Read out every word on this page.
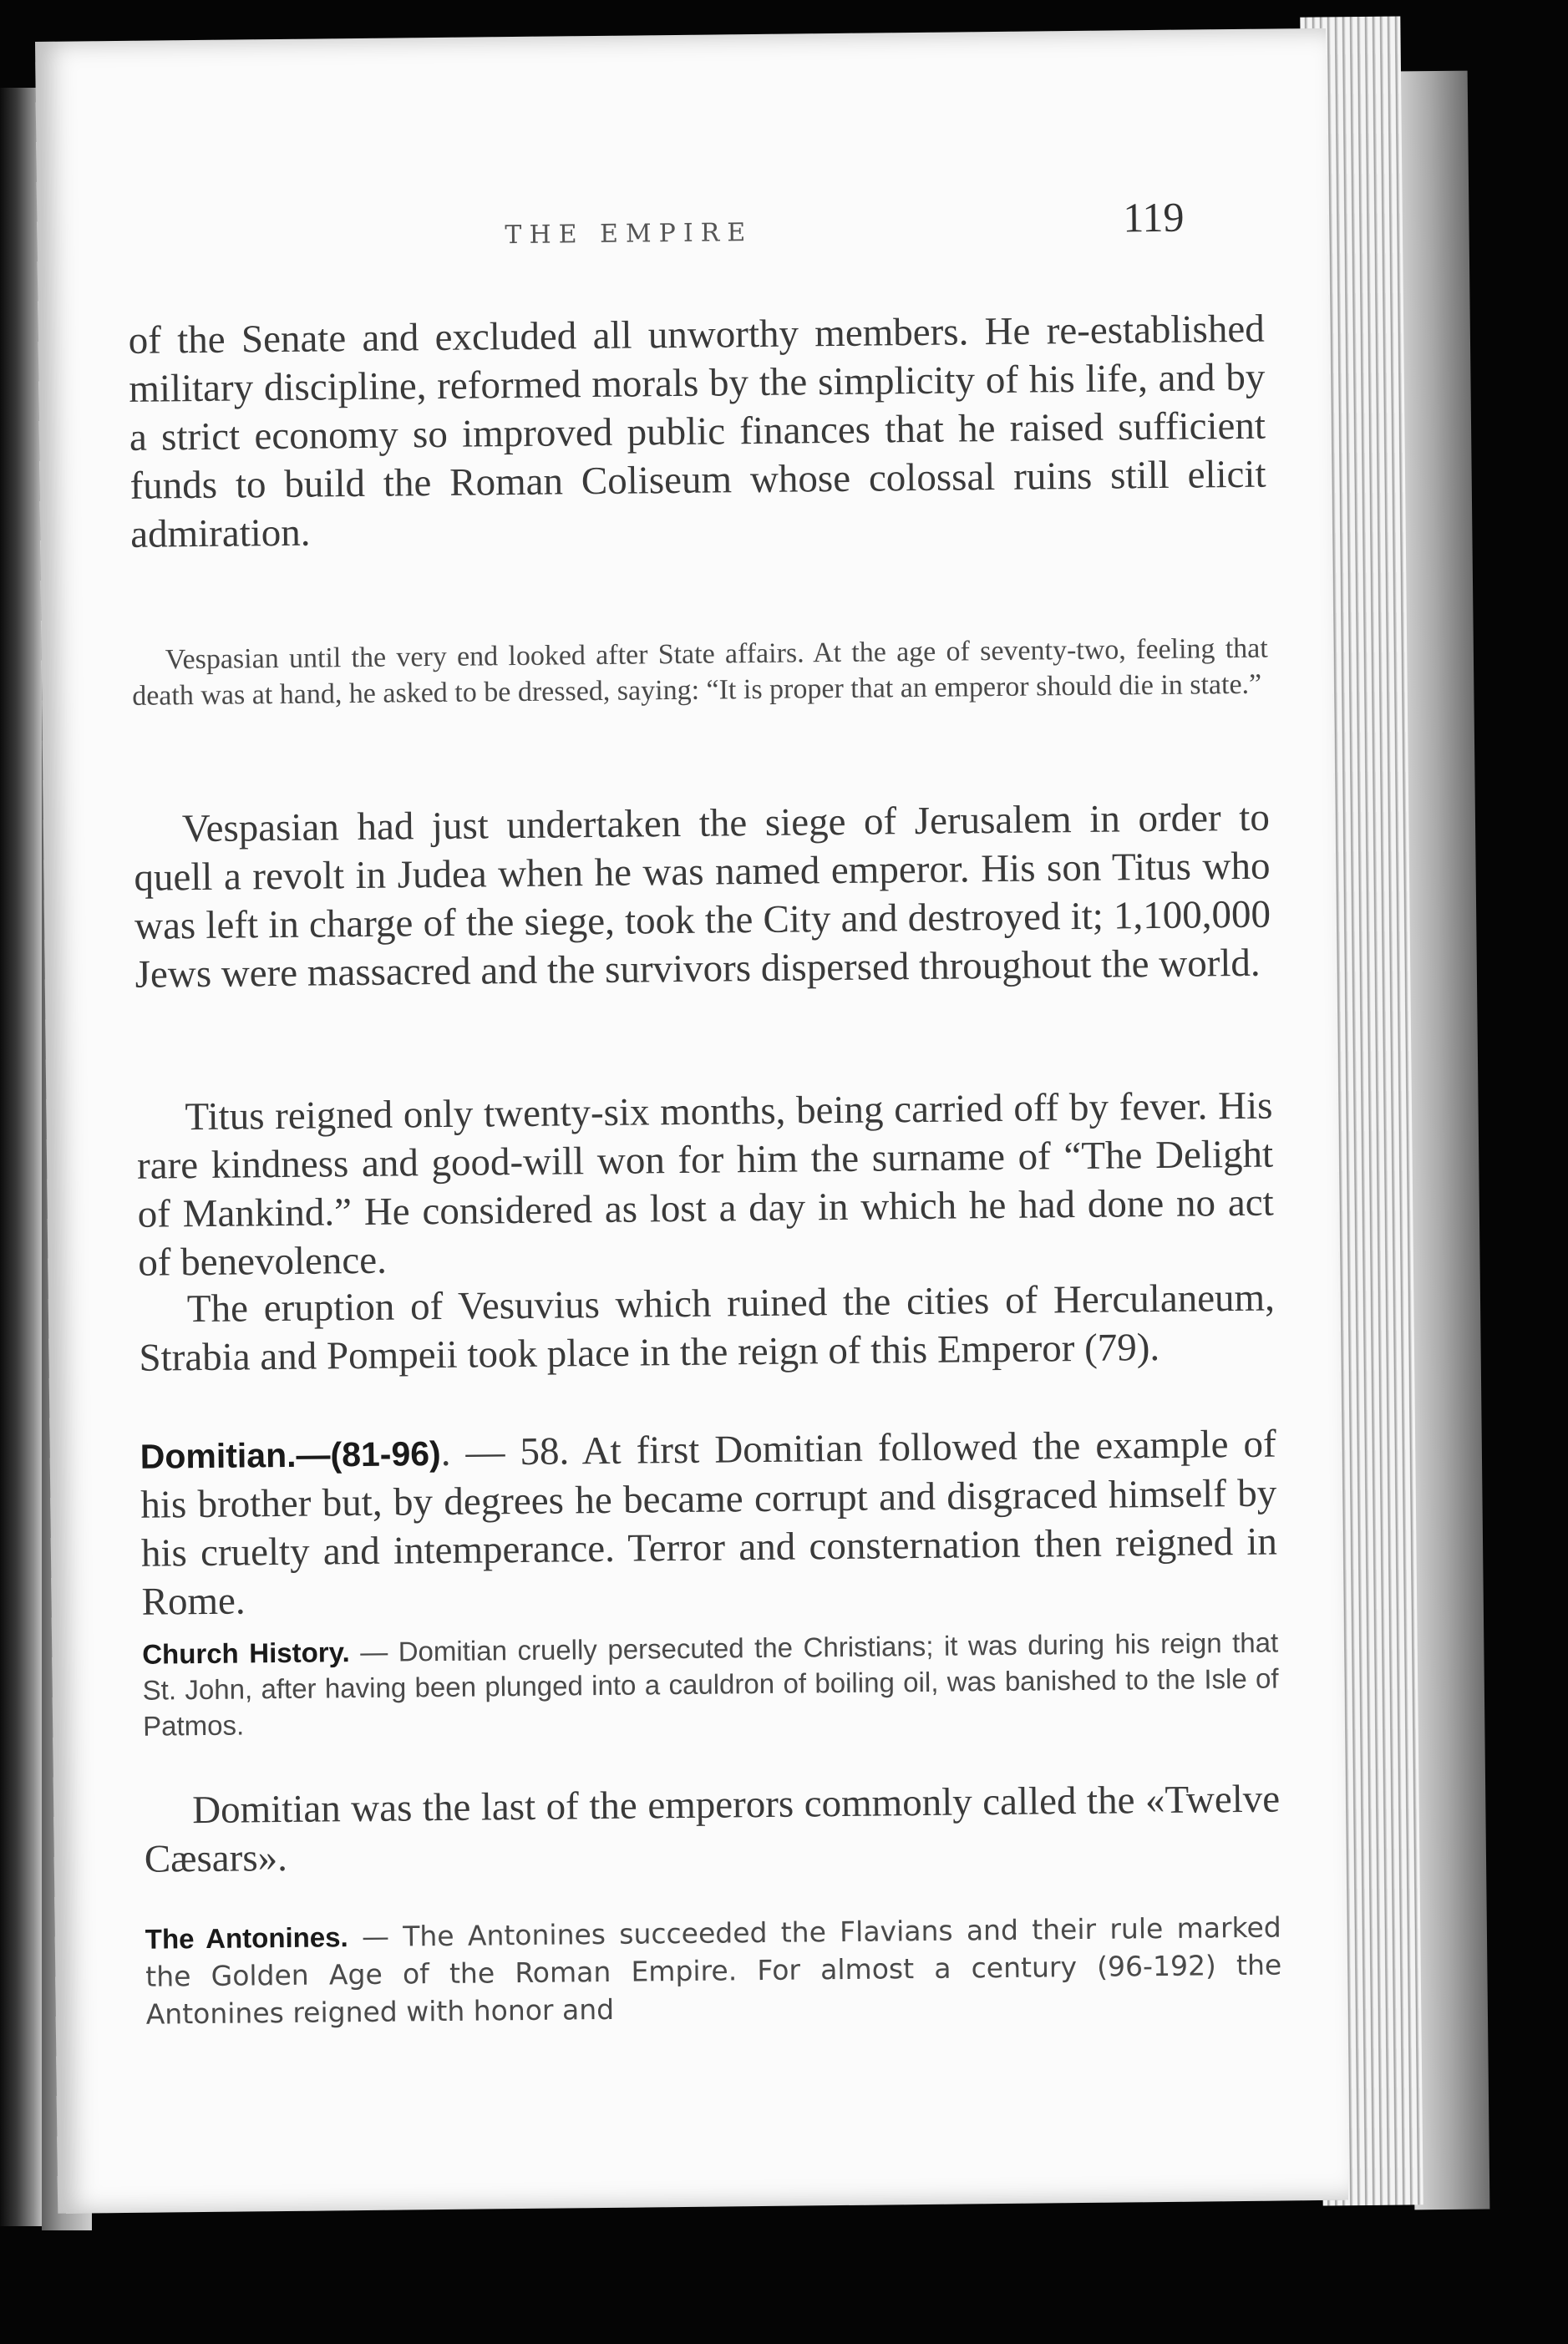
THE EMPIRE	119

of the Senate and excluded all unworthy members. He re-established military discipline, reformed morals by the simplicity of his life, and by a strict economy so improved public finances that he raised sufficient funds to build the Roman Coliseum whose colossal ruins still elicit admiration.

Vespasian until the very end looked after State affairs. At the age of seventy-two, feeling that death was at hand, he asked to be dressed, saying: “It is proper that an emperor should die in state.”

Vespasian had just undertaken the siege of Jerusalem in order to quell a revolt in Judea when he was named emperor. His son Titus who was left in charge of the siege, took the City and destroyed it; 1,100,000 Jews were massacred and the survivors dispersed throughout the world.

Titus reigned only twenty-six months, being carried off by fever. His rare kindness and good-will won for him the surname of “The Delight of Mankind.” He considered as lost a day in which he had done no act of benevolence.

The eruption of Vesuvius which ruined the cities of Herculaneum, Strabia and Pompeii took place in the reign of this Emperor (79).

Domitian.—(81-96). — 58. At first Domitian followed the example of his brother but, by degrees he became corrupt and disgraced himself by his cruelty and intemperance. Terror and consternation then reigned in Rome.

Church History. — Domitian cruelly persecuted the Christians; it was during his reign that St. John, after having been plunged into a cauldron of boiling oil, was banished to the Isle of Patmos.

Domitian was the last of the emperors commonly called the «Twelve Cæsars».

The Antonines. — The Antonines succeeded the Flavians and their rule marked the Golden Age of the Roman Empire. For almost a century (96-192) the Antonines reigned with honor and
